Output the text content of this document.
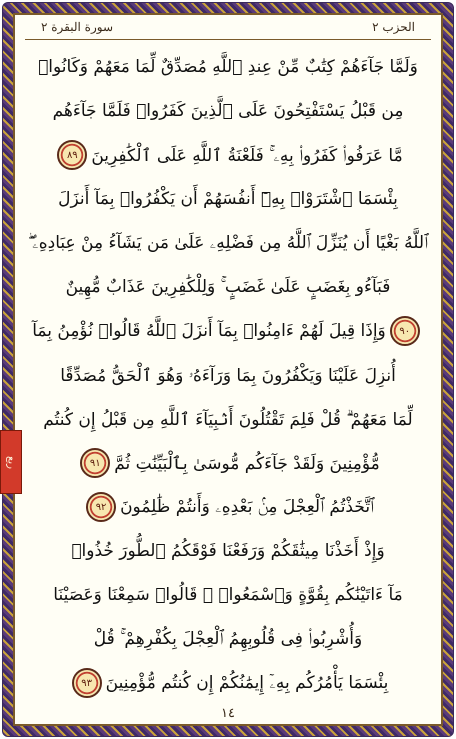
الحزب ٢
سورة البقرة ٢
وَلَمَّا جَآءَهُمْ كِتَٰبٌ مِّنْ عِندِ ٱللَّهِ مُصَدِّقٌ لِّمَا مَعَهُمْ وَكَانُوا۟
مِن قَبْلُ يَسْتَفْتِحُونَ عَلَى ٱلَّذِينَ كَفَرُوا۟ فَلَمَّا جَآءَهُم
مَّا عَرَفُوا۟ كَفَرُوا۟ بِهِۦ ۚ فَلَعْنَةُ ٱللَّهِ عَلَى ٱلْكَٰفِرِينَ
٨٩
بِئْسَمَا ٱشْتَرَوْا۟ بِهِۦٓ أَنفُسَهُمْ أَن يَكْفُرُوا۟ بِمَآ أَنزَلَ
ٱللَّهُ بَغْيًا أَن يُنَزِّلَ ٱللَّهُ مِن فَضْلِهِۦ عَلَىٰ مَن يَشَآءُ مِنْ عِبَادِهِۦ ۖ
فَبَآءُو بِغَضَبٍ عَلَىٰ غَضَبٍ ۚ وَلِلْكَٰفِرِينَ عَذَابٌ مُّهِينٌ
٩٠
وَإِذَا قِيلَ لَهُمْ ءَامِنُوا۟ بِمَآ أَنزَلَ ٱللَّهُ قَالُوا۟ نُؤْمِنُ بِمَآ
أُنزِلَ عَلَيْنَا وَيَكْفُرُونَ بِمَا وَرَآءَهُۥ وَهُوَ ٱلْحَقُّ مُصَدِّقًا
لِّمَا مَعَهُمْ ۗ قُلْ فَلِمَ تَقْتُلُونَ أَنۢبِيَآءَ ٱللَّهِ مِن قَبْلُ إِن كُنتُم
مُّؤْمِنِينَ وَلَقَدْ جَآءَكُم مُّوسَىٰ بِٱلْبَيِّنَٰتِ ثُمَّ
٩١
ٱتَّخَذْتُمُ ٱلْعِجْلَ مِنۢ بَعْدِهِۦ وَأَنتُمْ ظَٰلِمُونَ
٩٢
وَإِذْ أَخَذْنَا مِيثَٰقَكُمْ وَرَفَعْنَا فَوْقَكُمُ ٱلطُّورَ خُذُوا۟
مَآ ءَاتَيْنَٰكُم بِقُوَّةٍ وَٱسْمَعُوا۟ ۖ قَالُوا۟ سَمِعْنَا وَعَصَيْنَا
وَأُشْرِبُوا۟ فِى قُلُوبِهِمُ ٱلْعِجْلَ بِكُفْرِهِمْ ۚ قُلْ
بِئْسَمَا يَأْمُرُكُم بِهِۦٓ إِيمَٰنُكُمْ إِن كُنتُم مُّؤْمِنِينَ
٩٣
١٤
ربع
